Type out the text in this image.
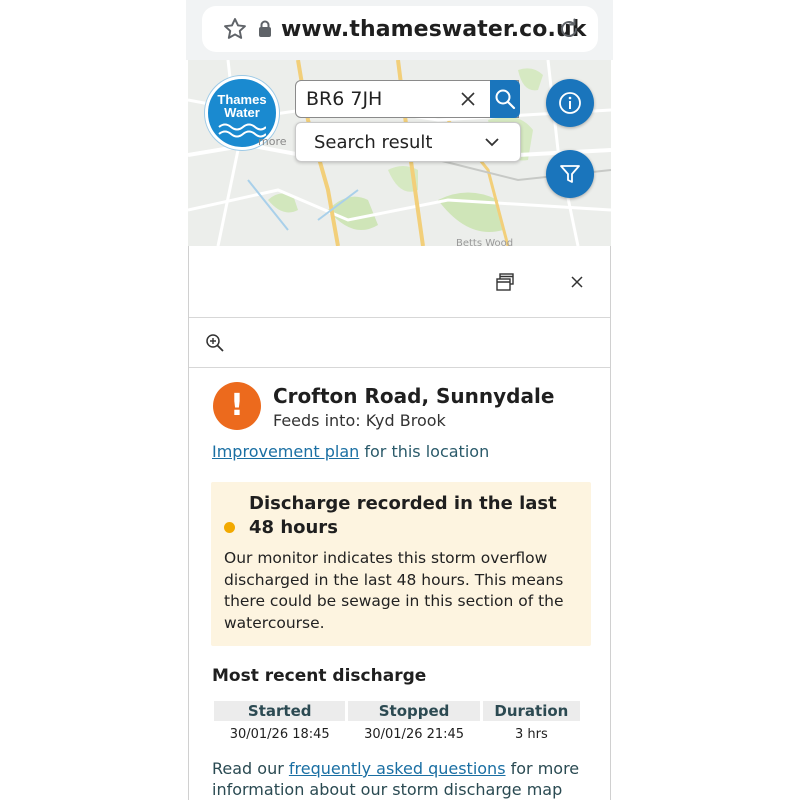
www.thameswater.co.uk
Thames
Water
more
Betts Wood
BR6 7JH
Search result
!	Crofton Road, Sunnydale
Feeds into: Kyd Brook
Improvement plan for this location
Discharge recorded in the last 48 hours
Our monitor indicates this storm overflow discharged in the last 48 hours. This means there could be sewage in this section of the watercourse.
Most recent discharge
Started	Stopped	Duration
30/01/26 18:45	30/01/26 21:45	3 hrs
Read our frequently asked questions for more information about our storm discharge map
